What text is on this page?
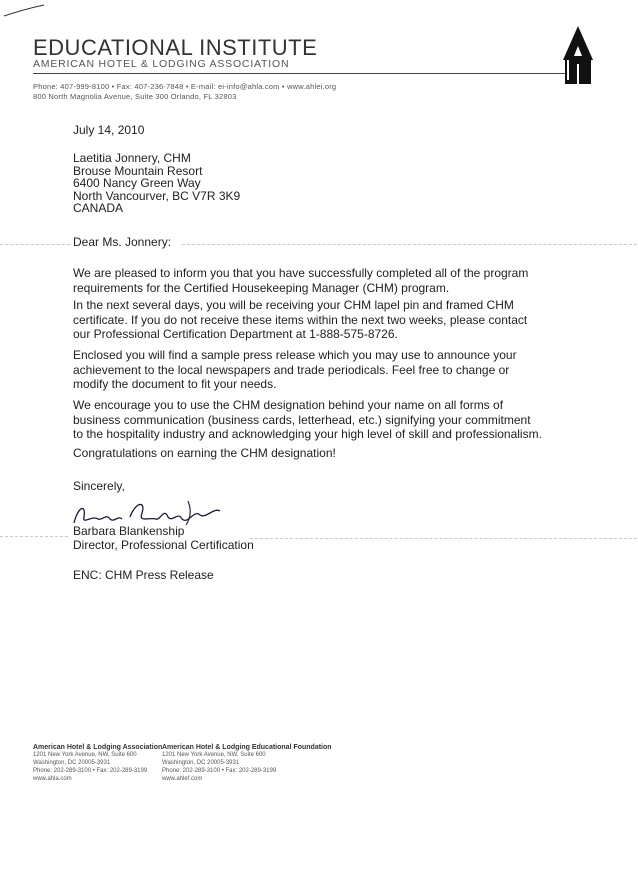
EDUCATIONAL INSTITUTE
AMERICAN HOTEL & LODGING ASSOCIATION
Phone: 407-999-8100 • Fax: 407-236-7848 • E-mail: ei-info@ahla.com • www.ahlei.org
800 North Magnolia Avenue, Suite 300 Orlando, FL 32803
July 14, 2010
Laetitia Jonnery, CHM
Brouse Mountain Resort
6400 Nancy Green Way
North Vancourver, BC V7R 3K9
CANADA
Dear Ms. Jonnery:
We are pleased to inform you that you have successfully completed all of the program requirements for the Certified Housekeeping Manager (CHM) program.
In the next several days, you will be receiving your CHM lapel pin and framed CHM certificate. If you do not receive these items within the next two weeks, please contact our Professional Certification Department at 1-888-575-8726.
Enclosed you will find a sample press release which you may use to announce your achievement to the local newspapers and trade periodicals. Feel free to change or modify the document to fit your needs.
We encourage you to use the CHM designation behind your name on all forms of business communication (business cards, letterhead, etc.) signifying your commitment to the hospitality industry and acknowledging your high level of skill and professionalism.
Congratulations on earning the CHM designation!
Sincerely,
Barbara Blankenship
Director, Professional Certification
ENC: CHM Press Release
American Hotel & Lodging Association
1201 New York Avenue, NW, Suite 600
Washington, DC 20005-3931
Phone: 202-289-3100 • Fax: 202-289-3199
www.ahla.com
American Hotel & Lodging Educational Foundation
1201 New York Avenue, NW, Suite 600
Washington, DC 20005-3931
Phone: 202-289-3100 • Fax: 202-289-3199
www.ahlef.com
